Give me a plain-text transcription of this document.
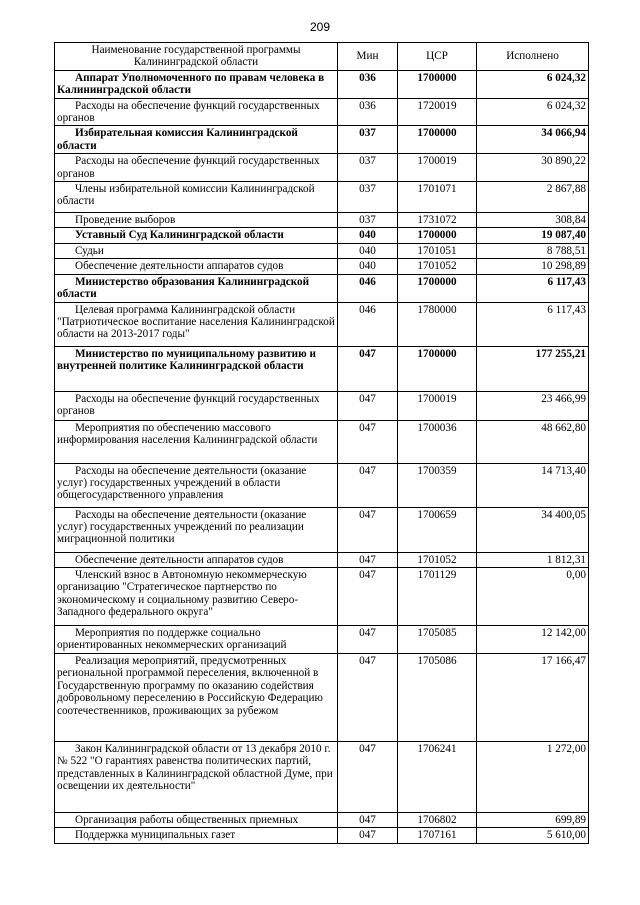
209
Наименование государственной программы Калининградской области	Мин	ЦСР	Исполнено
Аппарат Уполномоченного по правам человека в Калининградской области	036	1700000	6 024,32
Расходы на обеспечение функций государственных органов	036	1720019	6 024,32
Избирательная комиссия Калининградской области	037	1700000	34 066,94
Расходы на обеспечение функций государственных органов	037	1700019	30 890,22
Члены избирательной комиссии Калининградской области	037	1701071	2 867,88
Проведение выборов	037	1731072	308,84
Уставный Суд Калининградской области	040	1700000	19 087,40
Судьи	040	1701051	8 788,51
Обеспечение деятельности аппаратов судов	040	1701052	10 298,89
Министерство образования Калининградской области	046	1700000	6 117,43
Целевая программа Калининградской области "Патриотическое воспитание населения Калининградской области на 2013-2017 годы"	046	1780000	6 117,43
Министерство по муниципальному развитию и внутренней политике Калининградской области	047	1700000	177 255,21
Расходы на обеспечение функций государственных органов	047	1700019	23 466,99
Мероприятия по обеспечению массового информирования населения Калининградской области	047	1700036	48 662,80
Расходы на обеспечение деятельности (оказание услуг) государственных учреждений в области общегосударственного управления	047	1700359	14 713,40
Расходы на обеспечение деятельности (оказание услуг) государственных учреждений по реализации миграционной политики	047	1700659	34 400,05
Обеспечение деятельности аппаратов судов	047	1701052	1 812,31
Членский взнос в Автономную некоммерческую организацию "Стратегическое партнерство по экономическому и социальному развитию Северо-Западного федерального округа"	047	1701129	0,00
Мероприятия по поддержке социально ориентированных некоммерческих организаций	047	1705085	12 142,00
Реализация мероприятий, предусмотренных региональной программой переселения, включенной в Государственную программу по оказанию содействия добровольному переселению в Российскую Федерацию соотечественников, проживающих за рубежом	047	1705086	17 166,47
Закон Калининградской области от 13 декабря 2010 г. № 522 "О гарантиях равенства политических партий, представленных в Калининградской областной Думе, при освещении их деятельности"	047	1706241	1 272,00
Организация работы общественных приемных	047	1706802	699,89
Поддержка муниципальных газет	047	1707161	5 610,00
